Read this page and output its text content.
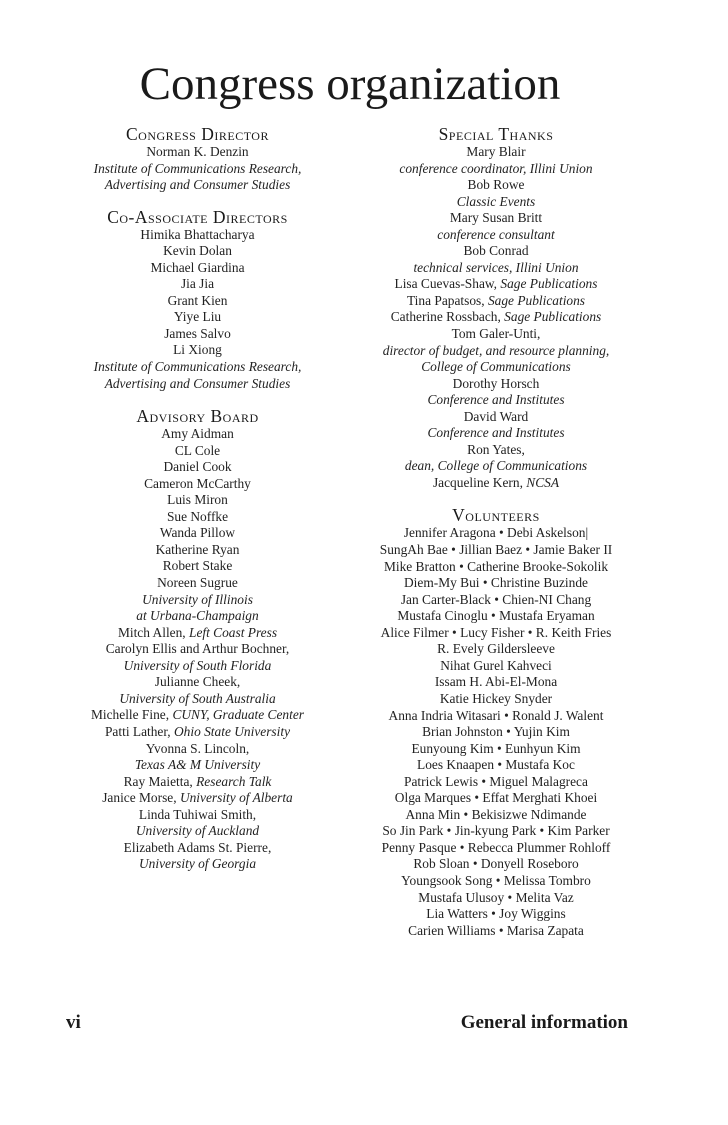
Congress organization
Congress Director
Norman K. Denzin
Institute of Communications Research,
Advertising and Consumer Studies
Co-Associate Directors
Himika Bhattacharya
Kevin Dolan
Michael Giardina
Jia Jia
Grant Kien
Yiye Liu
James Salvo
Li Xiong
Institute of Communications Research,
Advertising and Consumer Studies
Advisory Board
Amy Aidman
CL Cole
Daniel Cook
Cameron McCarthy
Luis Miron
Sue Noffke
Wanda Pillow
Katherine Ryan
Robert Stake
Noreen Sugrue
University of Illinois
at Urbana-Champaign
Mitch Allen, Left Coast Press
Carolyn Ellis and Arthur Bochner,
University of South Florida
Julianne Cheek,
University of South Australia
Michelle Fine, CUNY, Graduate Center
Patti Lather, Ohio State University
Yvonna S. Lincoln,
Texas A& M University
Ray Maietta, Research Talk
Janice Morse, University of Alberta
Linda Tuhiwai Smith,
University of Auckland
Elizabeth Adams St. Pierre,
University of Georgia
Special Thanks
Mary Blair
conference coordinator, Illini Union
Bob Rowe
Classic Events
Mary Susan Britt
conference consultant
Bob Conrad
technical services, Illini Union
Lisa Cuevas-Shaw, Sage Publications
Tina Papatsos, Sage Publications
Catherine Rossbach, Sage Publications
Tom Galer-Unti,
director of budget, and resource planning,
College of Communications
Dorothy Horsch
Conference and Institutes
David Ward
Conference and Institutes
Ron Yates,
dean, College of Communications
Jacqueline Kern, NCSA
Volunteers
Jennifer Aragona • Debi Askelson|
SungAh Bae • Jillian Baez • Jamie Baker II
Mike Bratton • Catherine Brooke-Sokolik
Diem-My Bui • Christine Buzinde
Jan Carter-Black • Chien-NI Chang
Mustafa Cinoglu • Mustafa Eryaman
Alice Filmer • Lucy Fisher • R. Keith Fries
R. Evely Gildersleeve
Nihat Gurel Kahveci
Issam H. Abi-El-Mona
Katie Hickey Snyder
Anna Indria Witasari • Ronald J. Walent
Brian Johnston • Yujin Kim
Eunyoung Kim • Eunhyun Kim
Loes Knaapen • Mustafa Koc
Patrick Lewis • Miguel Malagreca
Olga Marques • Effat Merghati Khoei
Anna Min • Bekisizwe Ndimande
So Jin Park • Jin-kyung Park • Kim Parker
Penny Pasque • Rebecca Plummer Rohloff
Rob Sloan • Donyell Roseboro
Youngsook Song • Melissa Tombro
Mustafa Ulusoy • Melita Vaz
Lia Watters • Joy Wiggins
Carien Williams • Marisa Zapata
vi	General information
